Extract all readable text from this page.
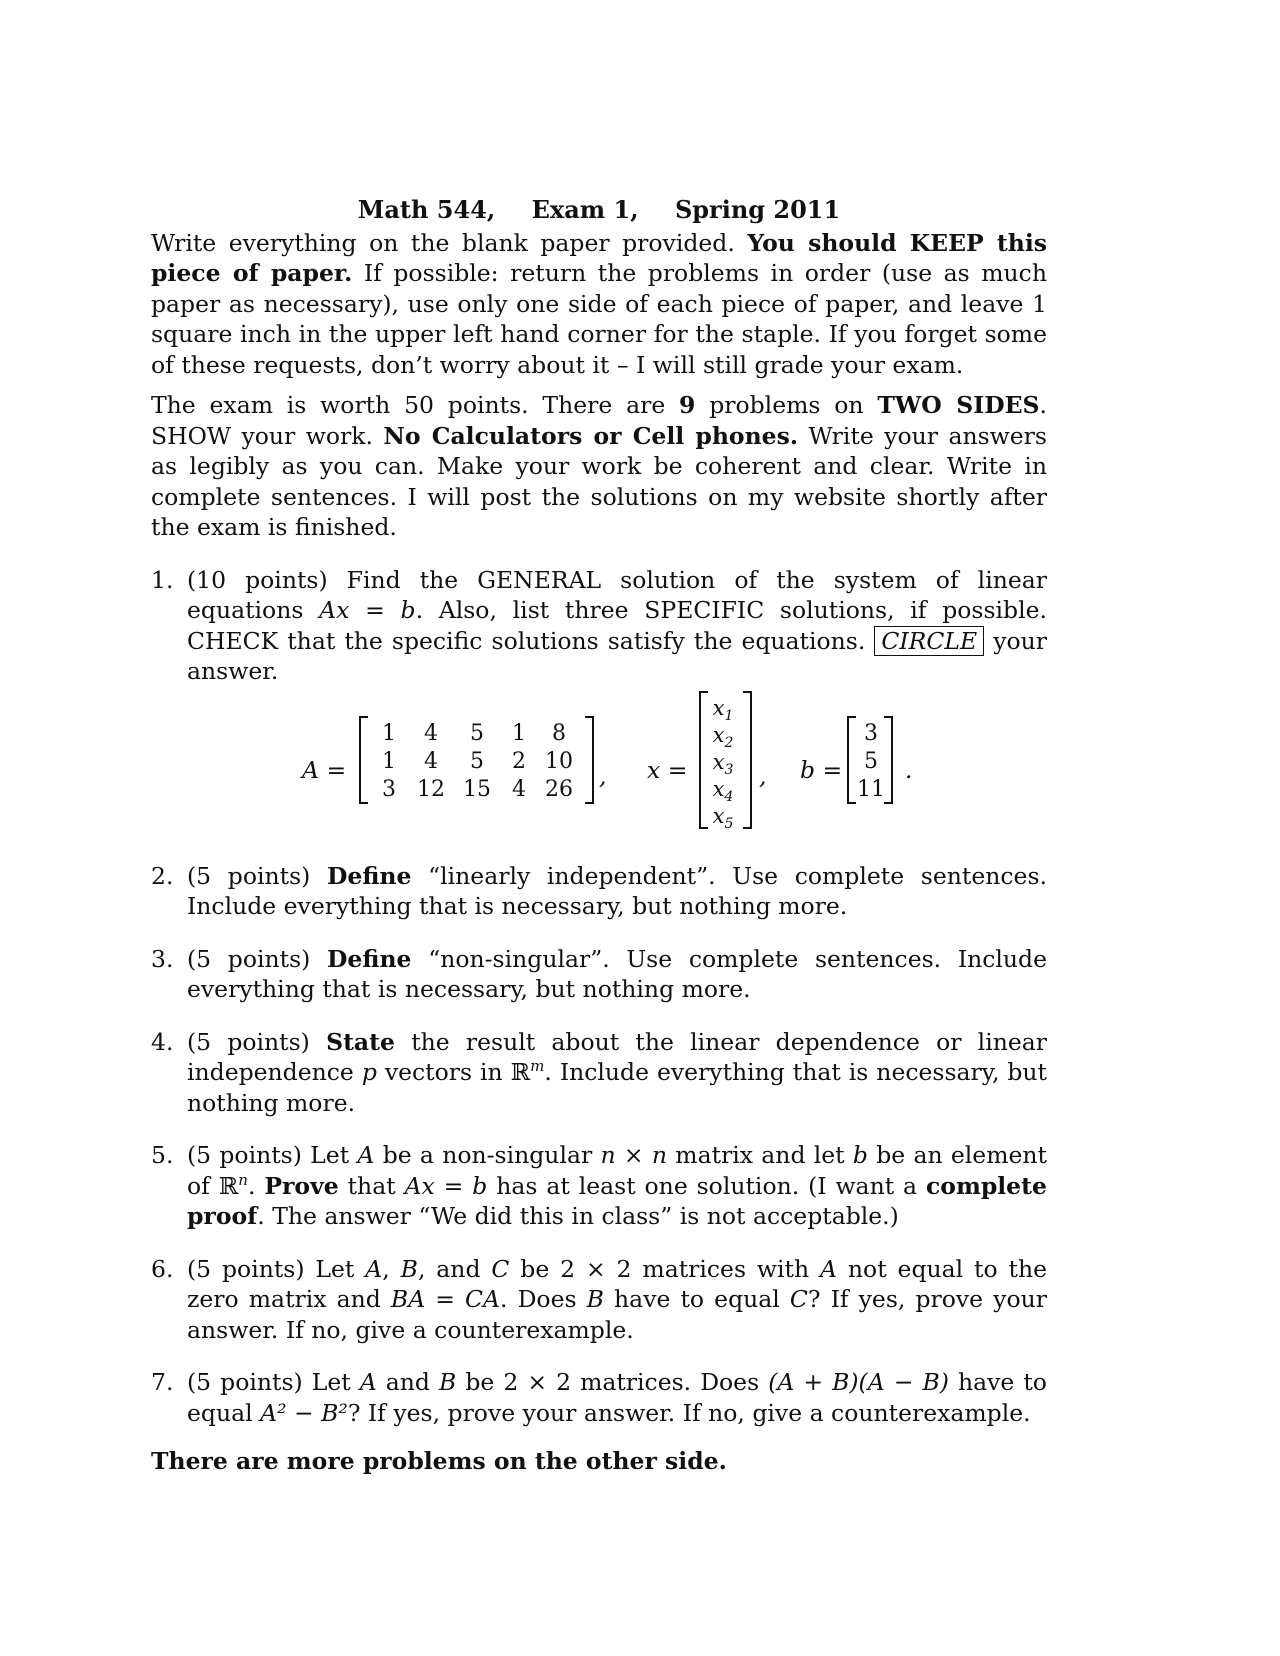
Math 544, Exam 1, Spring 2011

Write everything on the blank paper provided. You should KEEP this piece of paper. If possible: return the problems in order (use as much paper as necessary), use only one side of each piece of paper, and leave 1 square inch in the upper left hand corner for the staple. If you forget some of these requests, don’t worry about it – I will still grade your exam.

The exam is worth 50 points. There are 9 problems on TWO SIDES. SHOW your work. No Calculators or Cell phones. Write your answers as legibly as you can. Make your work be coherent and clear. Write in complete sentences. I will post the solutions on my website shortly after the exam is finished.

1. (10 points) Find the GENERAL solution of the system of linear equations Ax = b. Also, list three SPECIFIC solutions, if possible. CHECK that the specific solutions satisfy the equations. CIRCLE your answer.
A =
1	4	5	1	8
1	4	5	2 10
3 12 15 4 26	, x =
$x_1$
$x_2$
$x_3$
$x_4$
$x_5$
, b =
3
5
11
.
2. (5 points) Define “linearly independent”. Use complete sentences. Include everything that is necessary, but nothing more.
3. (5 points) Define “non-singular”. Use complete sentences. Include everything that is necessary, but nothing more.
4. (5 points) State the result about the linear dependence or linear independence p vectors in ℝ$^m$. Include everything that is necessary, but nothing more.
5. (5 points) Let A be a non-singular n × n matrix and let b be an element of ℝ$^n$. Prove that Ax = b has at least one solution. (I want a complete proof. The answer “We did this in class” is not acceptable.)
6. (5 points) Let A, B, and C be 2 × 2 matrices with A not equal to the zero matrix and BA = CA. Does B have to equal C? If yes, prove your answer. If no, give a counterexample.
7. (5 points) Let A and B be 2 × 2 matrices. Does (A + B)(A − B) have to equal A² − B²? If yes, prove your answer. If no, give a counterexample.
There are more problems on the other side.
